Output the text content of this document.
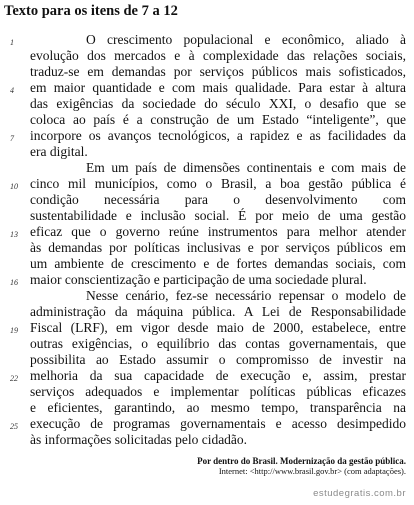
Texto para os itens de 7 a 12
1
4
7
10
13
16
19
22
25
O crescimento populacional e econômico, aliado à
evolução dos mercados e à complexidade das relações sociais,
traduz-se em demandas por serviços públicos mais sofisticados,
em maior quantidade e com mais qualidade. Para estar à altura
das exigências da sociedade do século XXI, o desafio que se
coloca ao país é a construção de um Estado “inteligente”, que
incorpore os avanços tecnológicos, a rapidez e as facilidades da
era digital.
Em um país de dimensões continentais e com mais de
cinco mil municípios, como o Brasil, a boa gestão pública é
condição necessária para o desenvolvimento com
sustentabilidade e inclusão social. É por meio de uma gestão
eficaz que o governo reúne instrumentos para melhor atender
às demandas por políticas inclusivas e por serviços públicos em
um ambiente de crescimento e de fortes demandas sociais, com
maior conscientização e participação de uma sociedade plural.
Nesse cenário, fez-se necessário repensar o modelo de
administração da máquina pública. A Lei de Responsabilidade
Fiscal (LRF), em vigor desde maio de 2000, estabelece, entre
outras exigências, o equilíbrio das contas governamentais, que
possibilita ao Estado assumir o compromisso de investir na
melhoria da sua capacidade de execução e, assim, prestar
serviços adequados e implementar políticas públicas eficazes
e eficientes, garantindo, ao mesmo tempo, transparência na
execução de programas governamentais e acesso desimpedido
às informações solicitadas pelo cidadão.
Por dentro do Brasil. Modernização da gestão pública.
Internet: <http://www.brasil.gov.br> (com adaptações).
estudegratis.com.br
